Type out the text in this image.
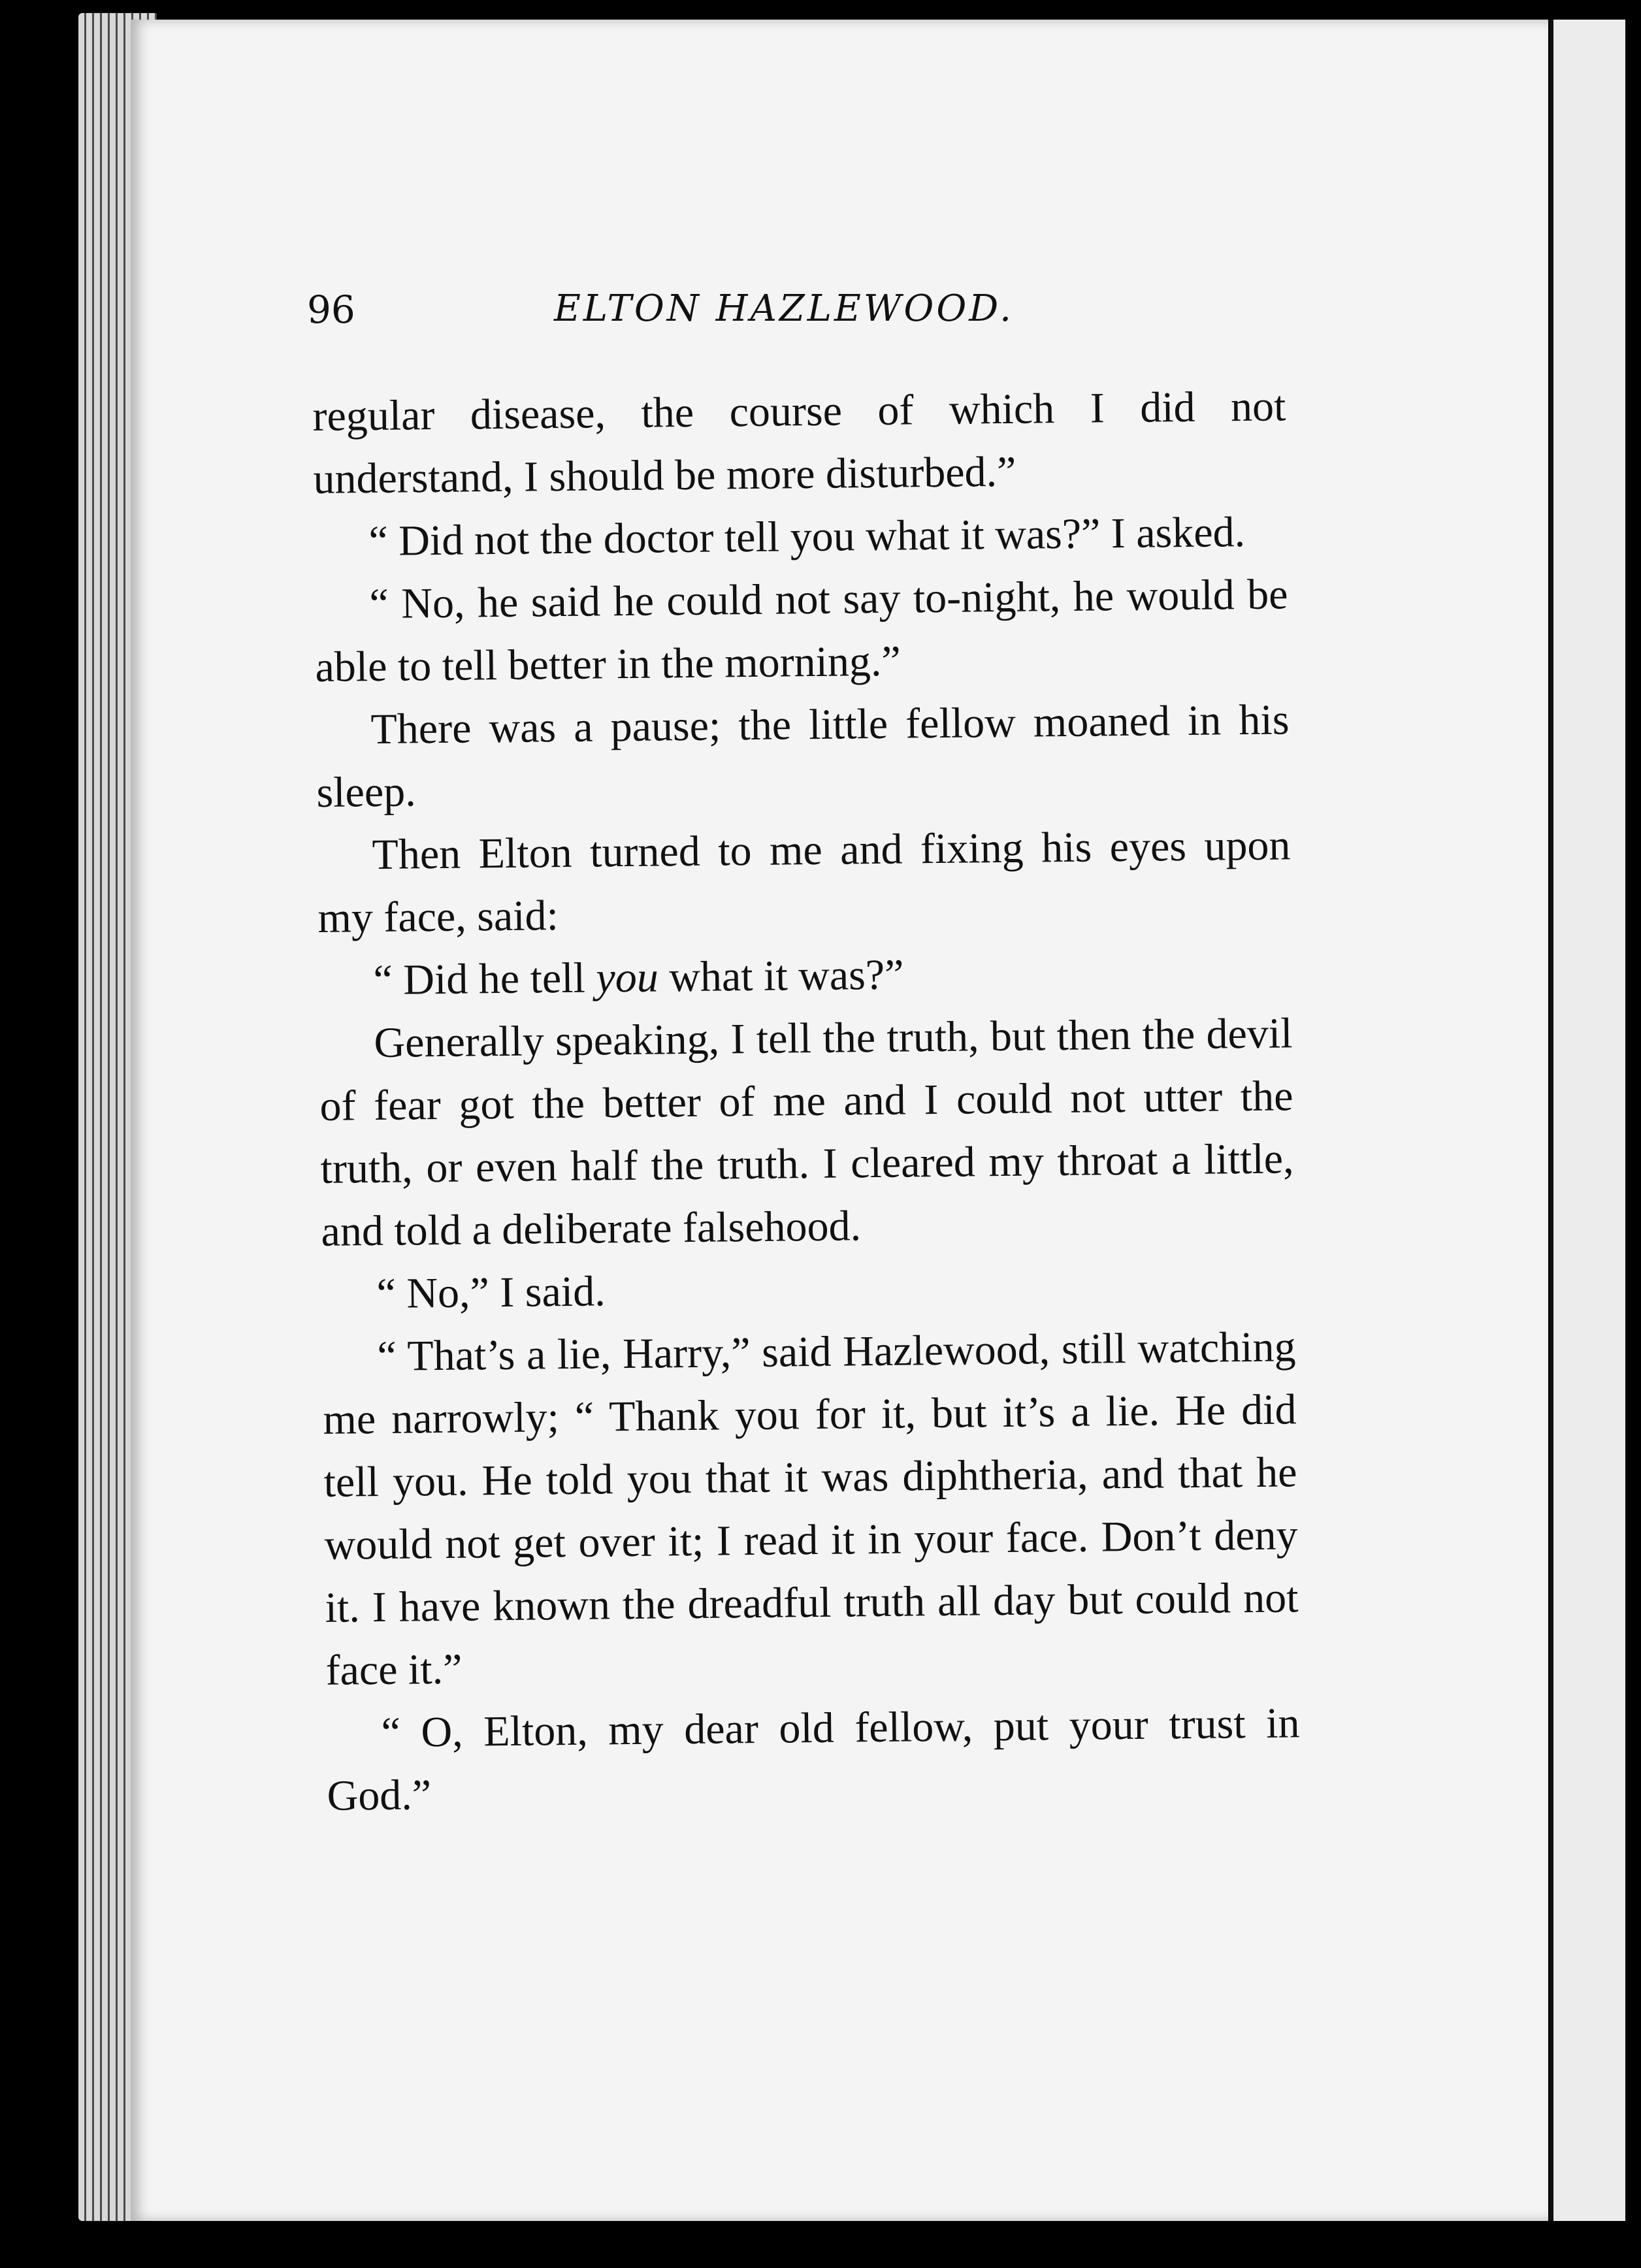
96	ELTON HAZLEWOOD.

regular disease, the course of which I did not understand, I should be more disturbed.”

“ Did not the doctor tell you what it was?” I asked.

“ No, he said he could not say to-night, he would be able to tell better in the morning.”

There was a pause; the little fellow moaned in his sleep.

Then Elton turned to me and fixing his eyes upon my face, said:

“ Did he tell you what it was?”

Generally speaking, I tell the truth, but then the devil of fear got the better of me and I could not utter the truth, or even half the truth. I cleared my throat a little, and told a deliberate falsehood.

“ No,” I said.

“ That’s a lie, Harry,” said Hazlewood, still watching me narrowly; “ Thank you for it, but it’s a lie. He did tell you. He told you that it was diphtheria, and that he would not get over it; I read it in your face. Don’t deny it. I have known the dreadful truth all day but could not face it.”

“ O, Elton, my dear old fellow, put your trust in God.”
